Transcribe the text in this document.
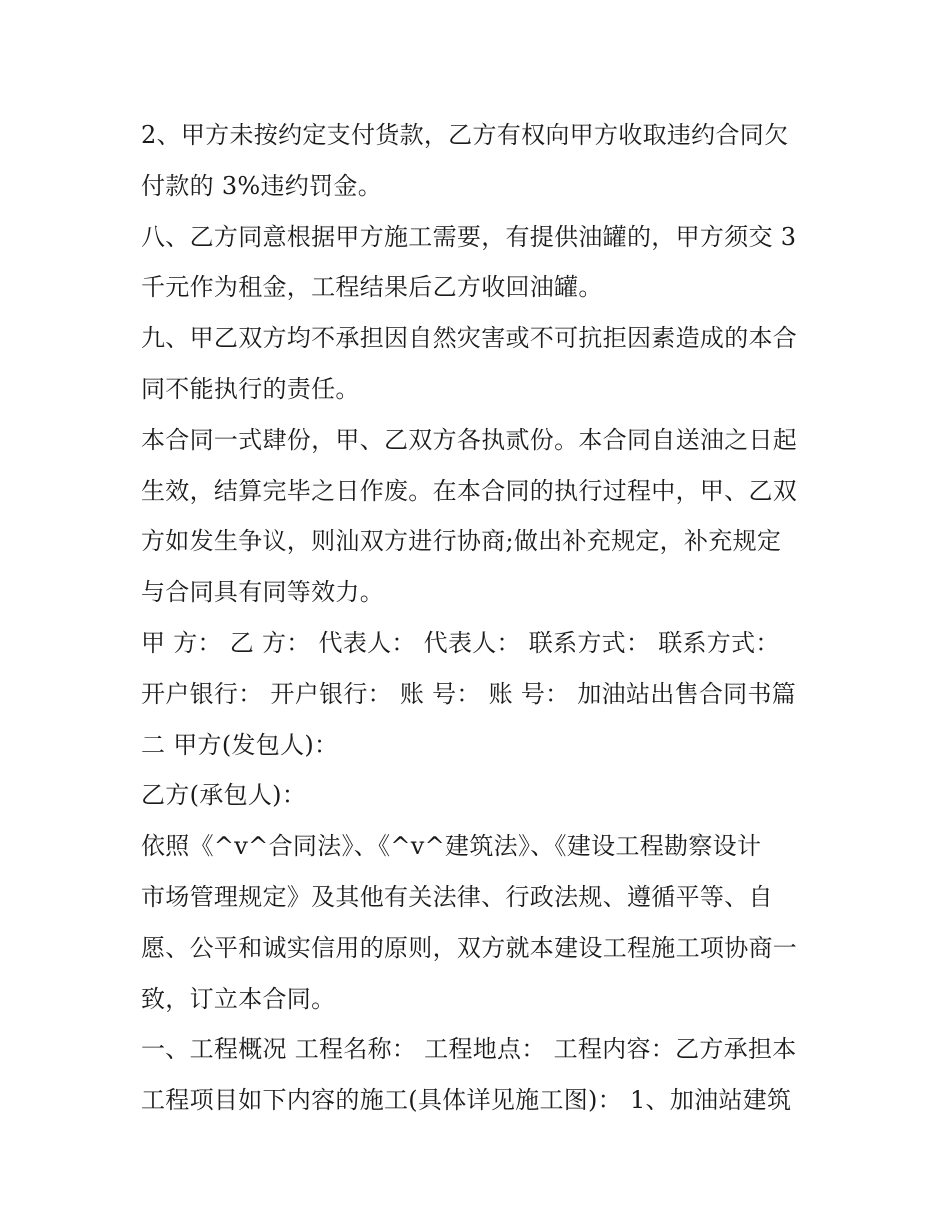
2、甲方未按约定支付货款，乙方有权向甲方收取违约合同欠
付款的 3%违约罚金。
八、乙方同意根据甲方施工需要，有提供油罐的，甲方须交 3
千元作为租金，工程结果后乙方收回油罐。
九、甲乙双方均不承担因自然灾害或不可抗拒因素造成的本合
同不能执行的责任。
本合同一式肆份，甲、乙双方各执贰份。本合同自送油之日起
生效，结算完毕之日作废。在本合同的执行过程中，甲、乙双
方如发生争议，则汕双方进行协商;做出补充规定，补充规定
与合同具有同等效力。
甲 方： 乙 方： 代表人： 代表人： 联系方式： 联系方式：
开户银行： 开户银行： 账 号： 账 号： 加油站出售合同书篇
二 甲方(发包人)：
乙方(承包人)：
依照《^v^合同法》、《^v^建筑法》、《建设工程勘察设计
市场管理规定》及其他有关法律、行政法规、遵循平等、自
愿、公平和诚实信用的原则，双方就本建设工程施工项协商一
致，订立本合同。
一、工程概况 工程名称： 工程地点： 工程内容：乙方承担本
工程项目如下内容的施工(具体详见施工图)： 1、加油站建筑
